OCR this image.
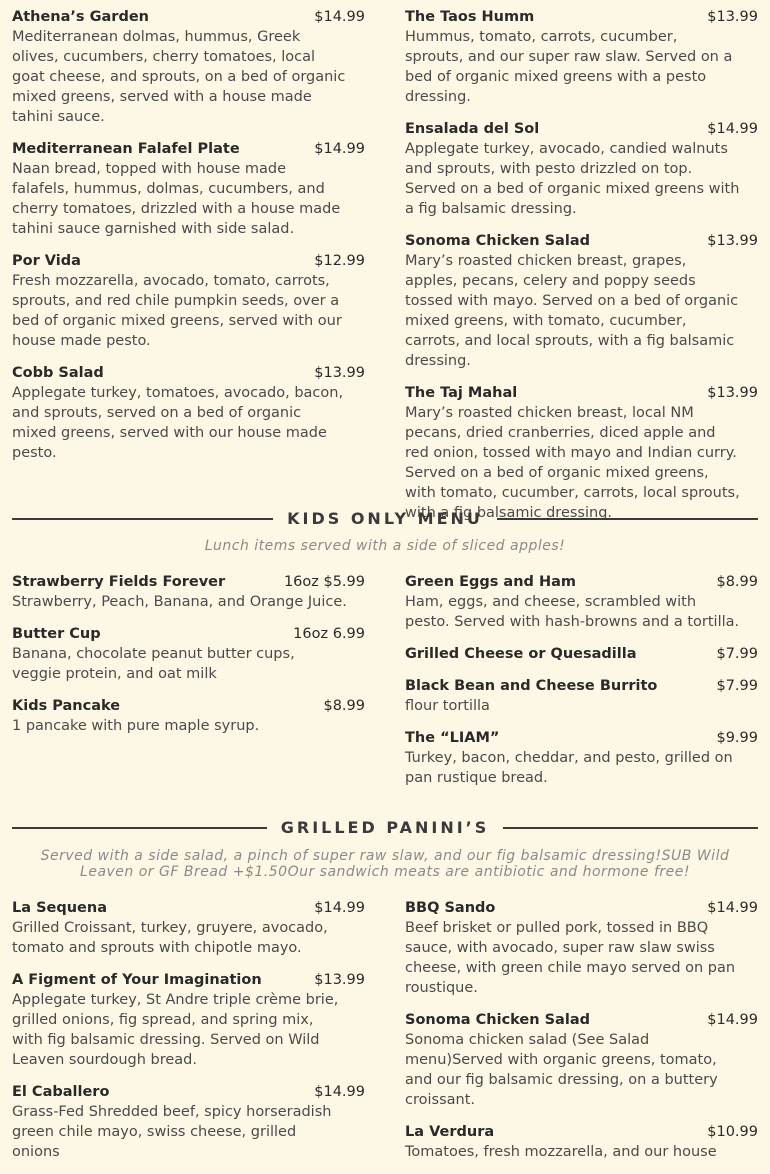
Athena’s Garden	$14.99
Mediterranean dolmas, hummus, Greek olives, cucumbers, cherry tomatoes, local goat cheese, and sprouts, on a bed of organic mixed greens, served with a house made tahini sauce.
Mediterranean Falafel Plate	$14.99
Naan bread, topped with house made falafels, hummus, dolmas, cucumbers, and cherry tomatoes, drizzled with a house made tahini sauce garnished with side salad.
Por Vida	$12.99
Fresh mozzarella, avocado, tomato, carrots, sprouts, and red chile pumpkin seeds, over a bed of organic mixed greens, served with our house made pesto.
Cobb Salad	$13.99
Applegate turkey, tomatoes, avocado, bacon, and sprouts, served on a bed of organic mixed greens, served with our house made pesto.
The Taos Humm	$13.99
Hummus, tomato, carrots, cucumber, sprouts, and our super raw slaw. Served on a bed of organic mixed greens with a pesto dressing.
Ensalada del Sol	$14.99
Applegate turkey, avocado, candied walnuts and sprouts, with pesto drizzled on top. Served on a bed of organic mixed greens with a fig balsamic dressing.
Sonoma Chicken Salad	$13.99
Mary’s roasted chicken breast, grapes, apples, pecans, celery and poppy seeds tossed with mayo. Served on a bed of organic mixed greens, with tomato, cucumber, carrots, and local sprouts, with a fig balsamic dressing.
The Taj Mahal	$13.99
Mary’s roasted chicken breast, local NM pecans, dried cranberries, diced apple and red onion, tossed with mayo and Indian curry. Served on a bed of organic mixed greens, with tomato, cucumber, carrots, local sprouts, with a fig balsamic dressing.
KIDS ONLY MENU
Lunch items served with a side of sliced apples!
Strawberry Fields Forever	16oz $5.99
Strawberry, Peach, Banana, and Orange Juice.
Butter Cup	16oz 6.99
Banana, chocolate peanut butter cups, veggie protein, and oat milk
Kids Pancake	$8.99
1 pancake with pure maple syrup.
Green Eggs and Ham	$8.99
Ham, eggs, and cheese, scrambled with pesto. Served with hash-browns and a tortilla.
Grilled Cheese or Quesadilla	$7.99
Black Bean and Cheese Burrito	$7.99
flour tortilla
The “LIAM”	$9.99
Turkey, bacon, cheddar, and pesto, grilled on pan rustique bread.
GRILLED PANINI’S
Served with a side salad, a pinch of super raw slaw, and our fig balsamic dressing!SUB Wild Leaven or GF Bread +$1.50Our sandwich meats are antibiotic and hormone free!
La Sequena	$14.99
Grilled Croissant, turkey, gruyere, avocado, tomato and sprouts with chipotle mayo.
A Figment of Your Imagination	$13.99
Applegate turkey, St Andre triple crème brie, grilled onions, fig spread, and spring mix, with fig balsamic dressing. Served on Wild Leaven sourdough bread.
El Caballero	$14.99
Grass-Fed Shredded beef, spicy horseradish green chile mayo, swiss cheese, grilled onions
BBQ Sando	$14.99
Beef brisket or pulled pork, tossed in BBQ sauce, with avocado, super raw slaw swiss cheese, with green chile mayo served on pan roustique.
Sonoma Chicken Salad	$14.99
Sonoma chicken salad (See Salad menu)Served with organic greens, tomato, and our fig balsamic dressing, on a buttery croissant.
La Verdura	$10.99
Tomatoes, fresh mozzarella, and our house
